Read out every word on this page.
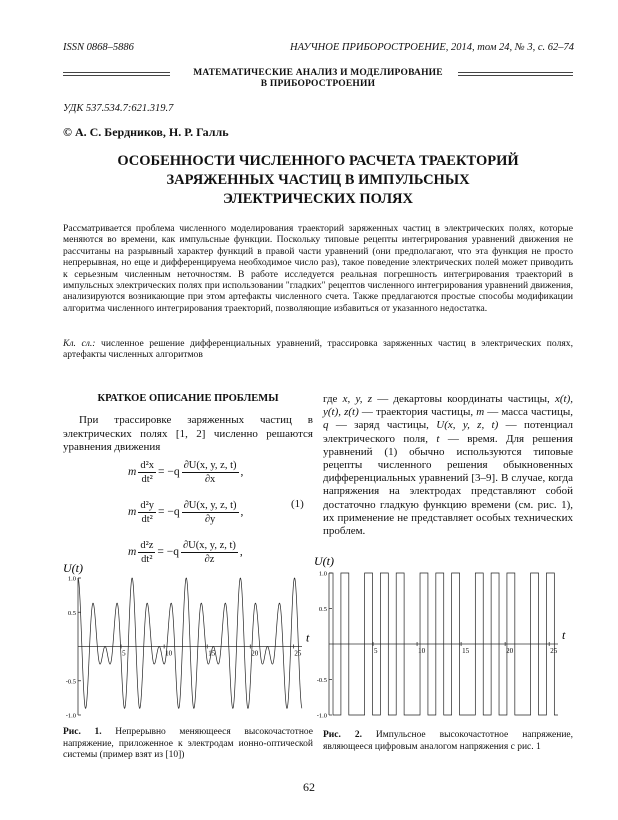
ISSN 0868–5886	НАУЧНОЕ ПРИБОРОСТРОЕНИЕ, 2014, том 24, № 3, c. 62–74
МАТЕМАТИЧЕСКИЕ АНАЛИЗ И МОДЕЛИРОВАНИЕ
В ПРИБОРОСТРОЕНИИ
УДК 537.534.7:621.319.7
© А. С. Бердников, Н. Р. Галль
ОСОБЕННОСТИ ЧИСЛЕННОГО РАСЧЕТА ТРАЕКТОРИЙ
ЗАРЯЖЕННЫХ ЧАСТИЦ В ИМПУЛЬСНЫХ
ЭЛЕКТРИЧЕСКИХ ПОЛЯХ
Рассматривается проблема численного моделирования траекторий заряженных частиц в электрических полях, которые меняются во времени, как импульсные функции. Поскольку типовые рецепты интегрирования уравнений движения не рассчитаны на разрывный характер функций в правой части уравнений (они предполагают, что эта функция не просто непрерывная, но еще и дифференцируема необходимое число раз), такое поведение электрических полей может приводить к серьезным численным неточностям. В работе исследуется реальная погрешность интегрирования траекторий в импульсных электрических полях при использовании "гладких" рецептов численного интегрирования уравнений движения, анализируются возникающие при этом артефакты численного счета. Также предлагаются простые способы модификации алгоритма численного интегрирования траекторий, позволяющие избавиться от указанного недостатка.
Кл. сл.: численное решение дифференциальных уравнений, трассировка заряженных частиц в электрических полях, артефакты численных алгоритмов
КРАТКОЕ ОПИСАНИЕ ПРОБЛЕМЫ
При трассировке заряженных частиц в электрических полях [1, 2] численно решаются уравнения движения
m $\frac{\text{d²x}}{\text{dt²}} = -q \frac{\partial U(x, y, z, t)}{\partial x}$ ,
m $\frac{\text{d²y}}{\text{dt²}} = -q \frac{\partial U(x, y, z, t)}{\partial y}$ ,
m $\frac{\text{d²z}}{\text{dt²}} = -q \frac{\partial U(x, y, z, t)}{\partial z}$ ,
(1)
где x, y, z — декартовы координаты частицы, x(t), y(t), z(t) — траектория частицы, m — масса частицы, q — заряд частицы, U(x, y, z, t) — потенциал электрического поля, t — время. Для решения уравнений (1) обычно используются типовые рецепты численного решения обыкновенных дифференциальных уравнений [3–9]. В случае, когда напряжения на электродах представляют собой достаточно гладкую функцию времени (см. рис. 1), их применение не представляет особых технических проблем.
U(t)
1.0
0.5
-0.5
-1.0
5	10	15	20	25
t
Рис. 1. Непрерывно меняющееся высокочастотное напряжение, приложенное к электродам ионно-оптической системы (пример взят из [10])
U(t)
1.0
0.5
-0.5
-1.0
5	10	15	20	25
t
Рис. 2. Импульсное высокочастотное напряжение, являющееся цифровым аналогом напряжения с рис. 1
62
